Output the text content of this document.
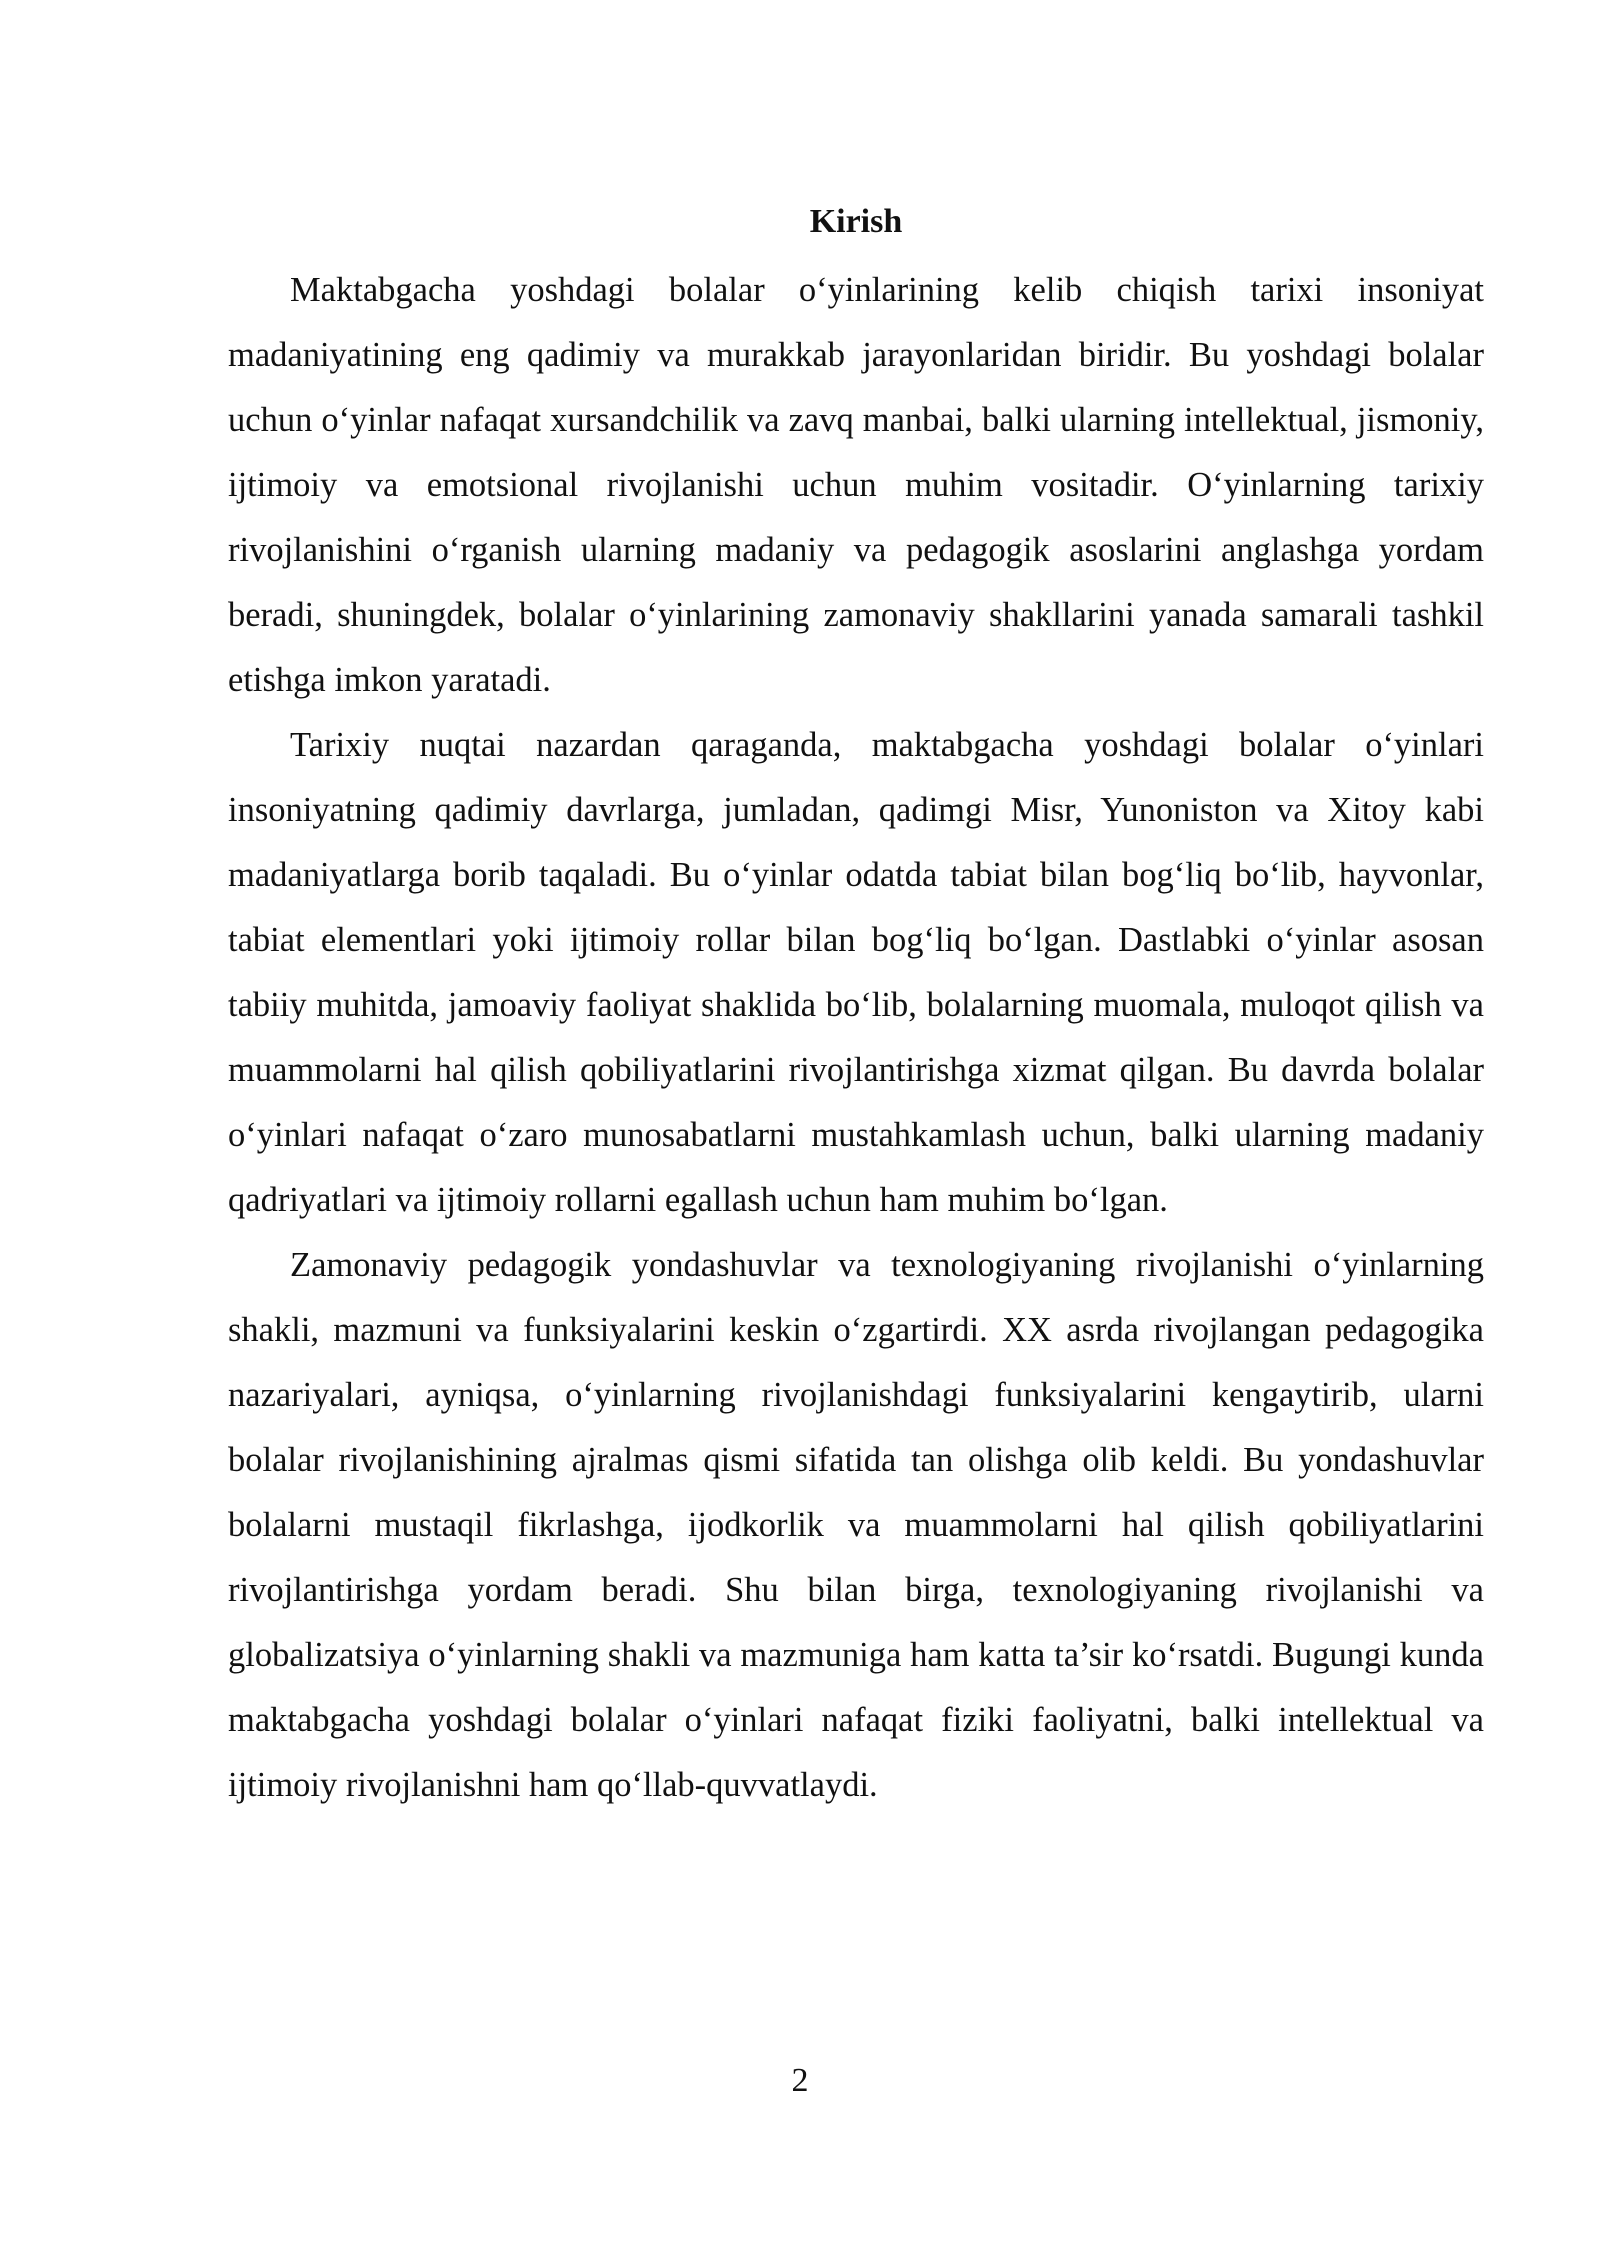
Kirish

Maktabgacha yoshdagi bolalar o‘yinlarining kelib chiqish tarixi insoniyat madaniyatining eng qadimiy va murakkab jarayonlaridan biridir. Bu yoshdagi bolalar uchun o‘yinlar nafaqat xursandchilik va zavq manbai, balki ularning intellektual, jismoniy, ijtimoiy va emotsional rivojlanishi uchun muhim vositadir. O‘yinlarning tarixiy rivojlanishini o‘rganish ularning madaniy va pedagogik asoslarini anglashga yordam beradi, shuningdek, bolalar o‘yinlarining zamonaviy shakllarini yanada samarali tashkil etishga imkon yaratadi.

Tarixiy nuqtai nazardan qaraganda, maktabgacha yoshdagi bolalar o‘yinlari insoniyatning qadimiy davrlarga, jumladan, qadimgi Misr, Yunoniston va Xitoy kabi madaniyatlarga borib taqaladi. Bu o‘yinlar odatda tabiat bilan bog‘liq bo‘lib, hayvonlar, tabiat elementlari yoki ijtimoiy rollar bilan bog‘liq bo‘lgan. Dastlabki o‘yinlar asosan tabiiy muhitda, jamoaviy faoliyat shaklida bo‘lib, bolalarning muomala, muloqot qilish va muammolarni hal qilish qobiliyatlarini rivojlantirishga xizmat qilgan. Bu davrda bolalar o‘yinlari nafaqat o‘zaro munosabatlarni mustahkamlash uchun, balki ularning madaniy qadriyatlari va ijtimoiy rollarni egallash uchun ham muhim bo‘lgan.

Zamonaviy pedagogik yondashuvlar va texnologiyaning rivojlanishi o‘yinlarning shakli, mazmuni va funksiyalarini keskin o‘zgartirdi. XX asrda rivojlangan pedagogika nazariyalari, ayniqsa, o‘yinlarning rivojlanishdagi funksiyalarini kengaytirib, ularni bolalar rivojlanishining ajralmas qismi sifatida tan olishga olib keldi. Bu yondashuvlar bolalarni mustaqil fikrlashga, ijodkorlik va muammolarni hal qilish qobiliyatlarini rivojlantirishga yordam beradi. Shu bilan birga, texnologiyaning rivojlanishi va globalizatsiya o‘yinlarning shakli va mazmuniga ham katta ta’sir ko‘rsatdi. Bugungi kunda maktabgacha yoshdagi bolalar o‘yinlari nafaqat fiziki faoliyatni, balki intellektual va ijtimoiy rivojlanishni ham qo‘llab-quvvatlaydi.

2
